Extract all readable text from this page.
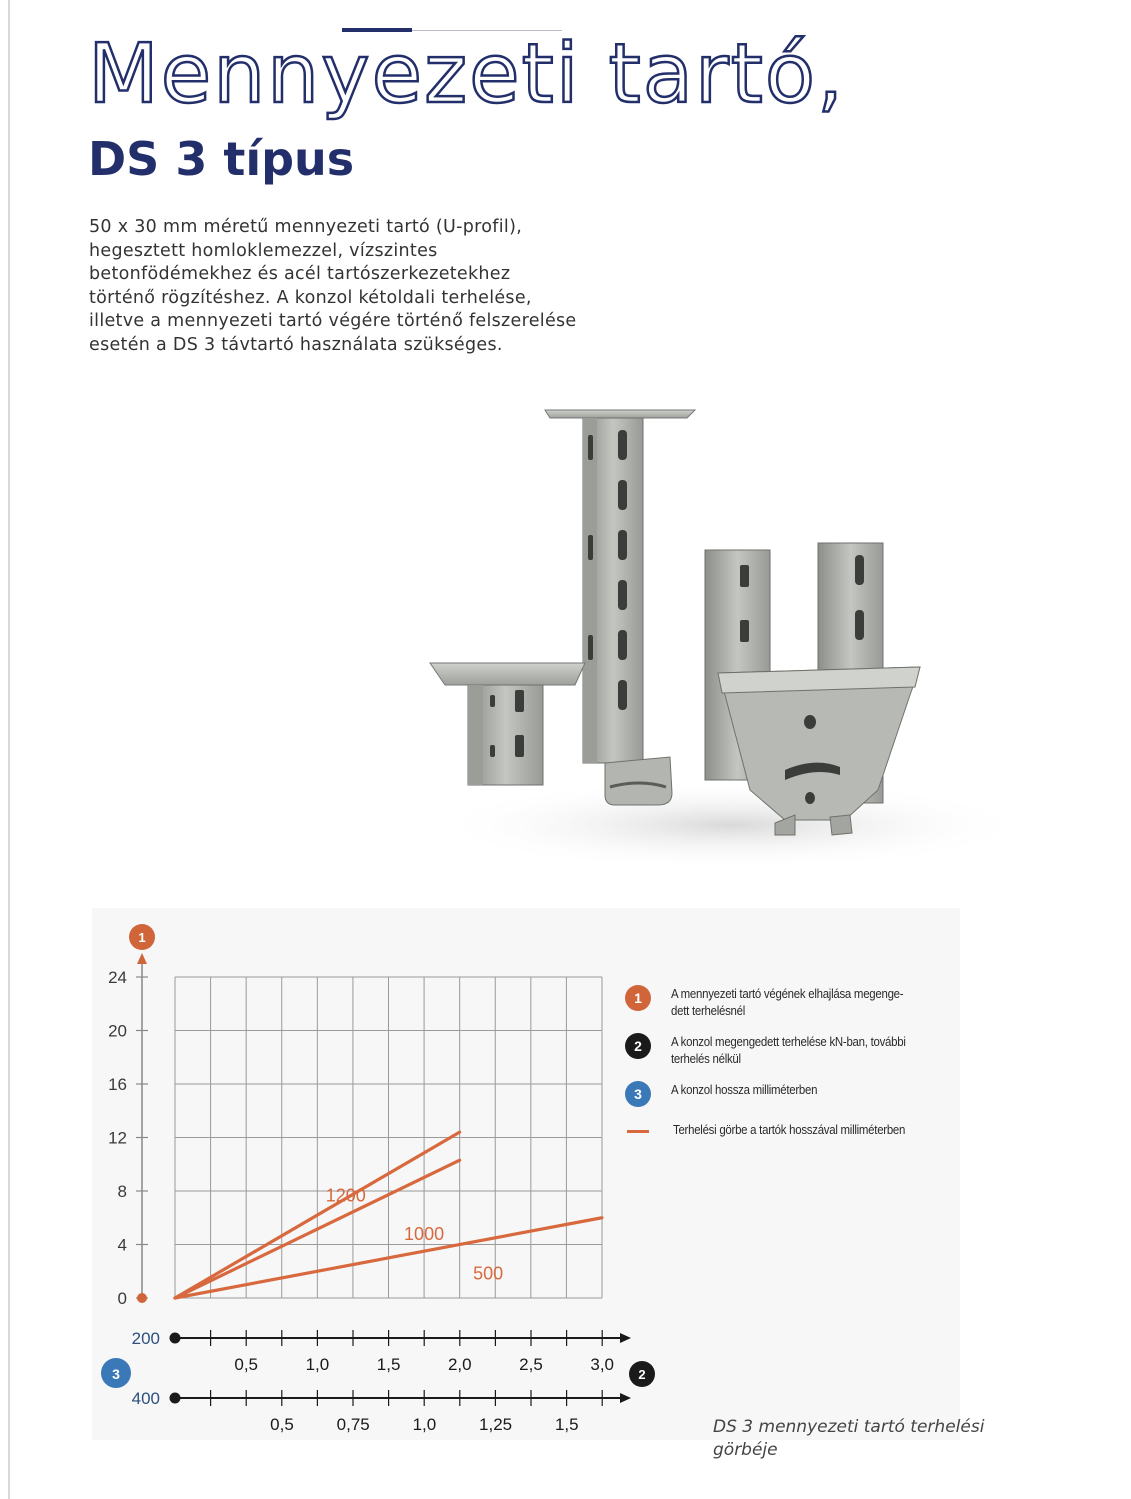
Mennyezeti tartó,
DS 3 típus
50 x 30 mm méretű mennyezeti tartó (U-profil), hegesztett homloklemezzel, vízszintes betonfödémekhez és acél tartószerkezetekhez történő rögzítéshez. A konzol kétoldali terhelése, illetve a mennyezeti tartó végére történő felszerelése esetén a DS 3 távtartó használata szükséges.
1
24
20
16
12
8
4
0
1200
1000
500
200
0,5	1,0	1,5	2,0	2,5	3,0
400
0,5	0,75	1,0	1,25	1,5
2
3
1	A mennyezeti tartó végének elhajlása megenge-dett terhelésnél
2	A konzol megengedett terhelése kN-ban, további terhelés nélkül
3	A konzol hossza milliméterben
Terhelési görbe a tartók hosszával milliméterben
DS 3 mennyezeti tartó terhelési görbéje
